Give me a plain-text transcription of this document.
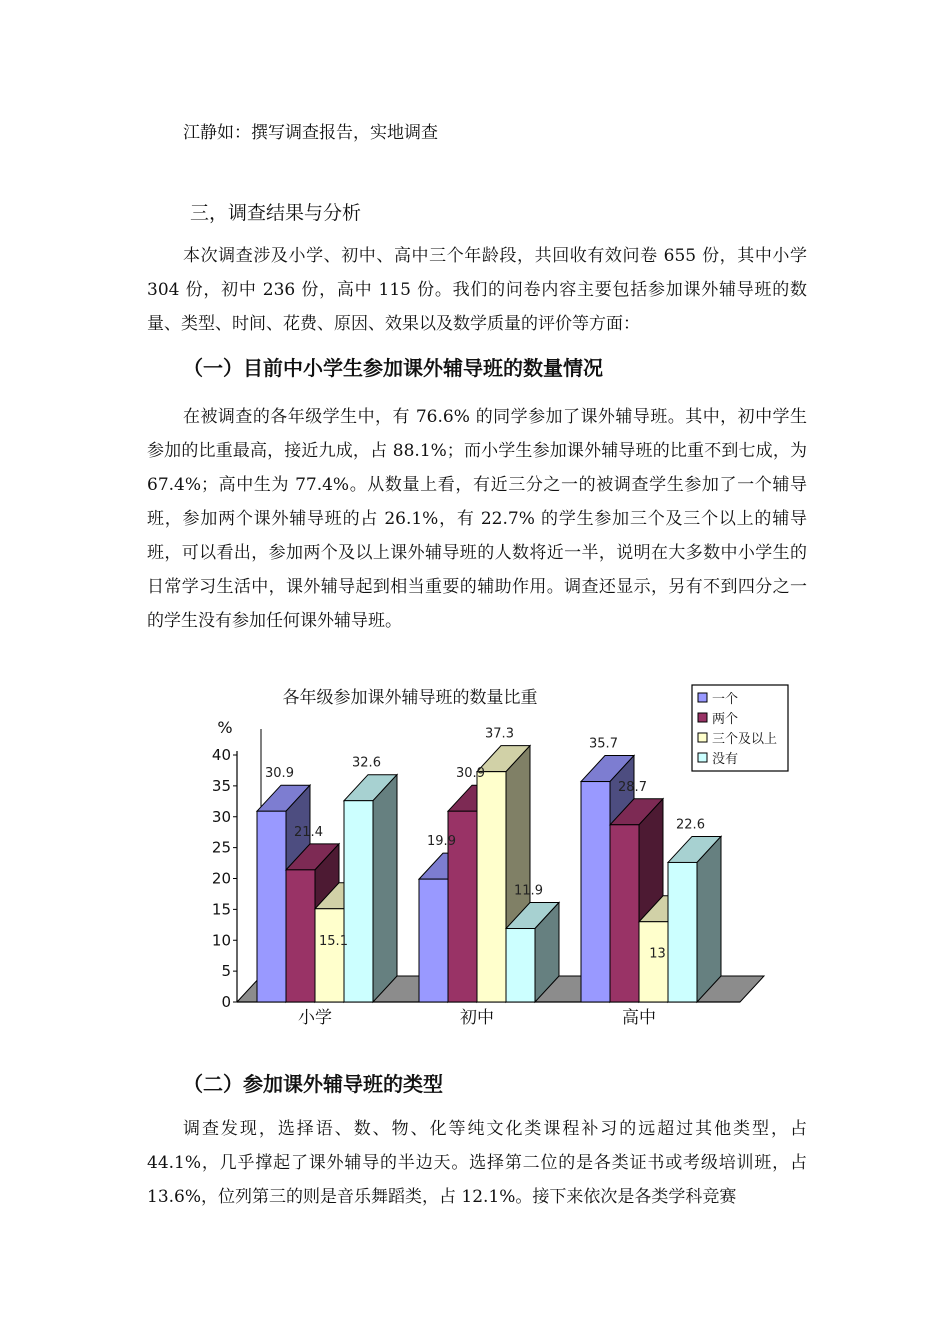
江静如：撰写调查报告，实地调查

三，调查结果与分析

本次调查涉及小学、初中、高中三个年龄段，共回收有效问卷 655 份，其中小学 304 份，初中 236 份，高中 115 份。我们的问卷内容主要包括参加课外辅导班的数量、类型、时间、花费、原因、效果以及数学质量的评价等方面：

（一）目前中小学生参加课外辅导班的数量情况

在被调查的各年级学生中，有 76.6% 的同学参加了课外辅导班。其中，初中学生参加的比重最高，接近九成，占 88.1%；而小学生参加课外辅导班的比重不到七成，为 67.4%；高中生为 77.4%。从数量上看，有近三分之一的被调查学生参加了一个辅导班，参加两个课外辅导班的占 26.1%，有 22.7% 的学生参加三个及三个以上的辅导班，可以看出，参加两个及以上课外辅导班的人数将近一半，说明在大多数中小学生的日常学习生活中，课外辅导起到相当重要的辅助作用。调查还显示，另有不到四分之一的学生没有参加任何课外辅导班。

各年级参加课外辅导班的数量比重
%
0
5
10
15
20
25
30
35
40
30.9
21.4
15.1
32.6
小学
19.9
30.9
37.3
11.9
初中
35.7
28.7
13
22.6
高中
一个
两个
三个及以上
没有
（二）参加课外辅导班的类型

调查发现，选择语、数、物、化等纯文化类课程补习的远超过其他类型，占 44.1%，几乎撑起了课外辅导的半边天。选择第二位的是各类证书或考级培训班，占 13.6%，位列第三的则是音乐舞蹈类，占 12.1%。接下来依次是各类学科竞赛
